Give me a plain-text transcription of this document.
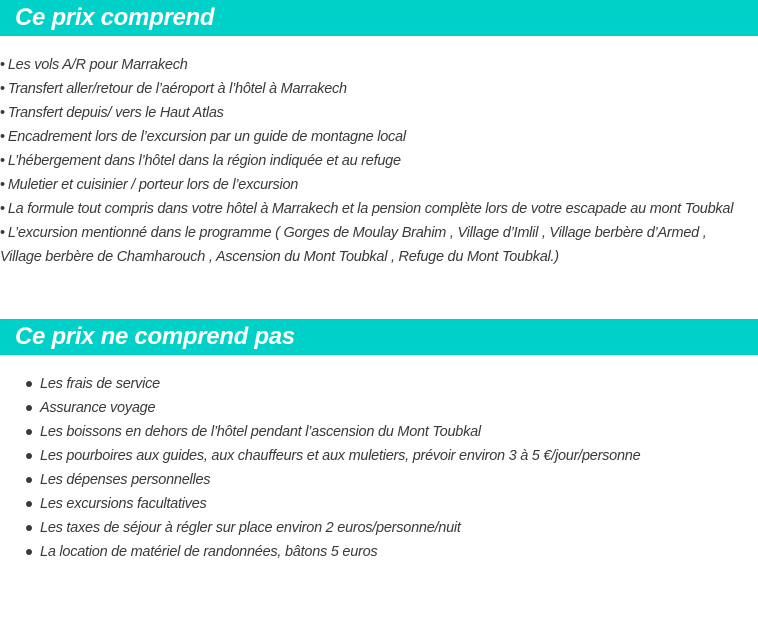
Ce prix comprend
• Les vols A/R pour Marrakech
• Transfert aller/retour de l’aéroport à l’hôtel à Marrakech
• Transfert depuis/ vers le Haut Atlas
• Encadrement lors de l’excursion par un guide de montagne local
• L’hébergement dans l’hôtel dans la région indiquée et au refuge
• Muletier et cuisinier / porteur lors de l’excursion
• La formule tout compris dans votre hôtel à Marrakech et la pension complète lors de votre escapade au mont Toubkal
• L’excursion mentionné dans le programme ( Gorges de Moulay Brahim , Village d’Imlil , Village berbère d’Armed , Village berbère de Chamharouch , Ascension du Mont Toubkal , Refuge du Mont Toubkal.)
Ce prix ne comprend pas
Les frais de service
Assurance voyage
Les boissons en dehors de l’hôtel pendant l’ascension du Mont Toubkal
Les pourboires aux guides, aux chauffeurs et aux muletiers, prévoir environ 3 à 5 €/jour/personne
Les dépenses personnelles
Les excursions facultatives
Les taxes de séjour à régler sur place environ 2 euros/personne/nuit
La location de matériel de randonnées, bâtons 5 euros
